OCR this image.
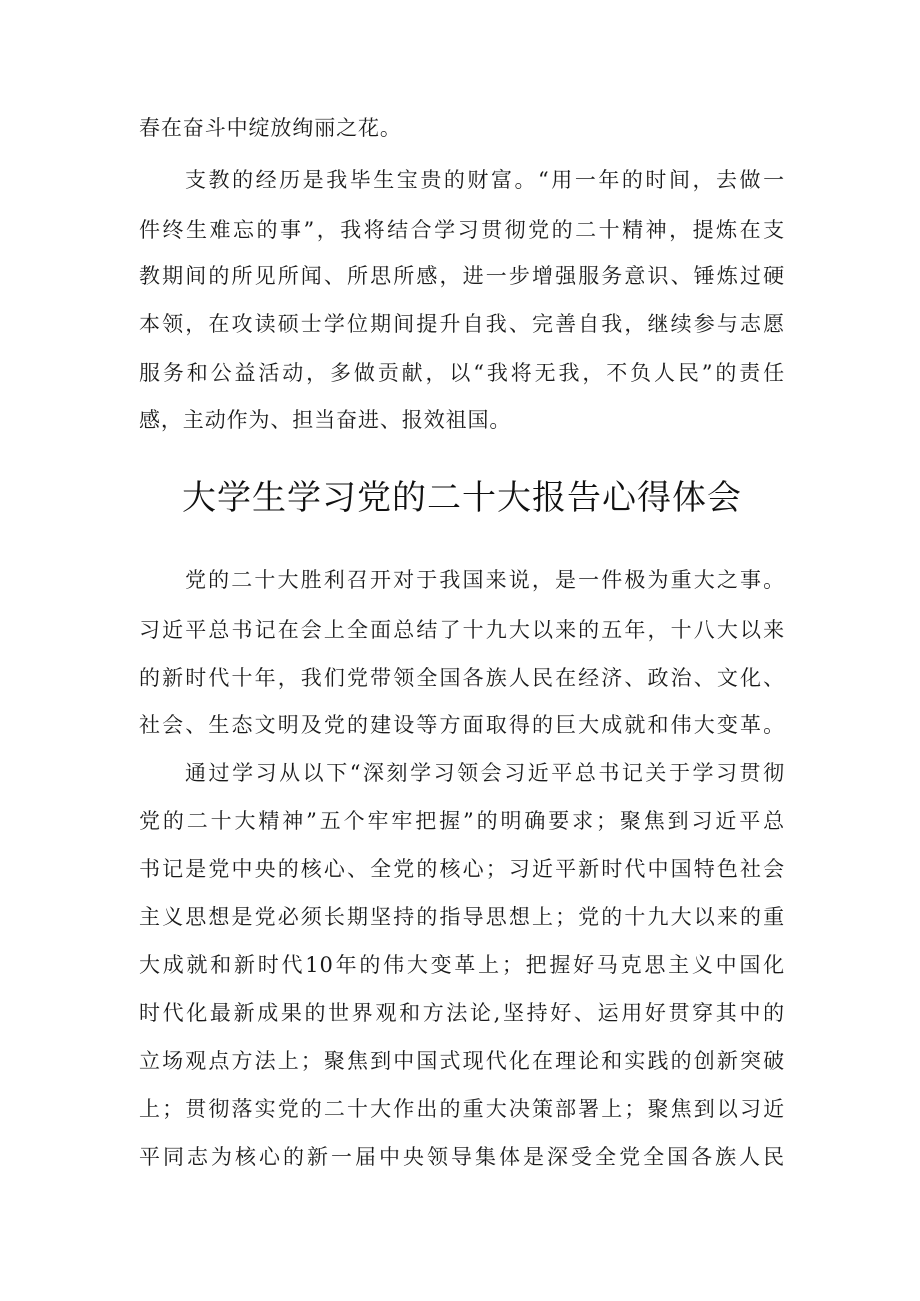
春在奋斗中绽放绚丽之花。
支教的经历是我毕生宝贵的财富。“用一年的时间，去做一
件终生难忘的事”，我将结合学习贯彻党的二十精神，提炼在支
教期间的所见所闻、所思所感，进一步增强服务意识、锤炼过硬
本领，在攻读硕士学位期间提升自我、完善自我，继续参与志愿
服务和公益活动，多做贡献，以“我将无我，不负人民”的责任
感，主动作为、担当奋进、报效祖国。
大学生学习党的二十大报告心得体会
党的二十大胜利召开对于我国来说，是一件极为重大之事。
习近平总书记在会上全面总结了十九大以来的五年，十八大以来
的新时代十年，我们党带领全国各族人民在经济、政治、文化、
社会、生态文明及党的建设等方面取得的巨大成就和伟大变革。
通过学习从以下“深刻学习领会习近平总书记关于学习贯彻
党的二十大精神”五个牢牢把握”的明确要求；聚焦到习近平总
书记是党中央的核心、全党的核心；习近平新时代中国特色社会
主义思想是党必须长期坚持的指导思想上；党的十九大以来的重
大成就和新时代10年的伟大变革上；把握好马克思主义中国化
时代化最新成果的世界观和方法论,坚持好、运用好贯穿其中的
立场观点方法上；聚焦到中国式现代化在理论和实践的创新突破
上；贯彻落实党的二十大作出的重大决策部署上；聚焦到以习近
平同志为核心的新一届中央领导集体是深受全党全国各族人民
